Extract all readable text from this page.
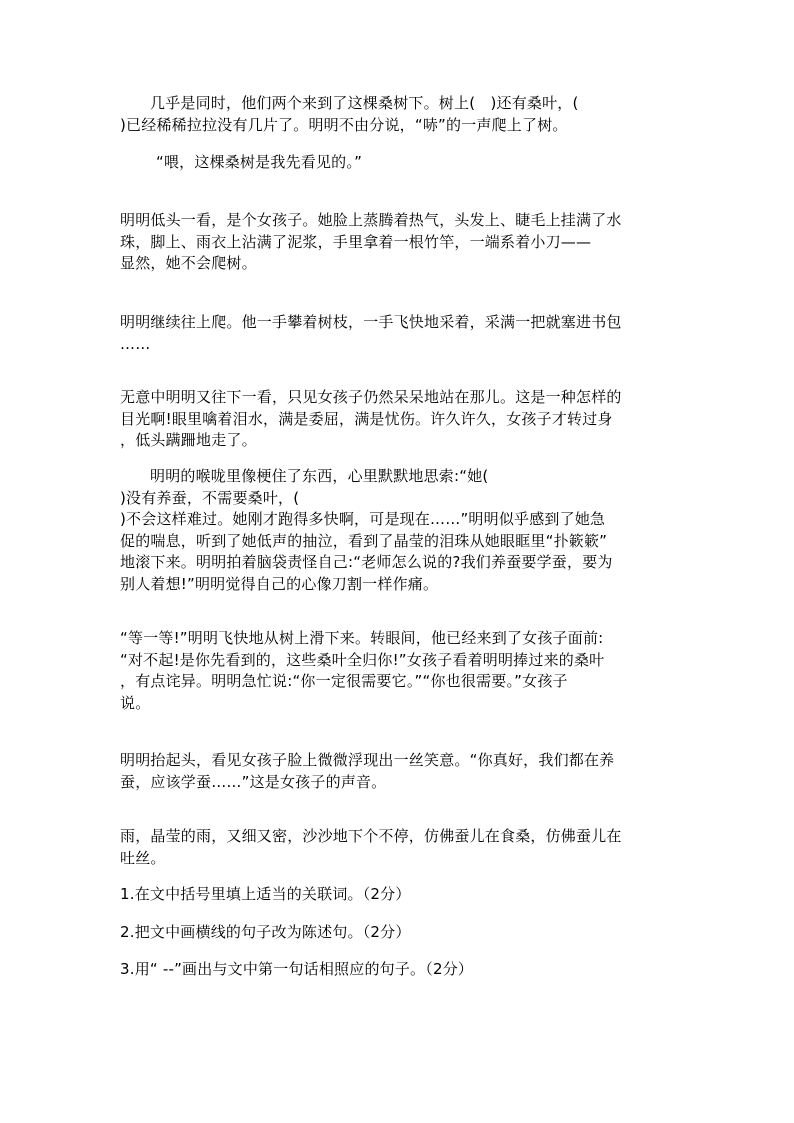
几乎是同时，他们两个来到了这棵桑树下。树上(　)还有桑叶，(
)已经稀稀拉拉没有几片了。明明不由分说，“哧”的一声爬上了树。
“喂，这棵桑树是我先看见的。”
明明低头一看，是个女孩子。她脸上蒸腾着热气，头发上、睫毛上挂满了水
珠，脚上、雨衣上沾满了泥浆，手里拿着一根竹竿，一端系着小刀——
显然，她不会爬树。
明明继续往上爬。他一手攀着树枝，一手飞快地采着，采满一把就塞进书包
……
无意中明明又往下一看，只见女孩子仍然呆呆地站在那儿。这是一种怎样的
目光啊!眼里噙着泪水，满是委屈，满是忧伤。许久许久，女孩子才转过身
，低头蹒跚地走了。
明明的喉咙里像梗住了东西，心里默默地思索:“她(
)没有养蚕，不需要桑叶，(
)不会这样难过。她刚才跑得多快啊，可是现在……”明明似乎感到了她急
促的喘息，听到了她低声的抽泣，看到了晶莹的泪珠从她眼眶里“扑簌簌”
地滚下来。明明拍着脑袋责怪自己:“老师怎么说的?我们养蚕要学蚕，要为
别人着想!”明明觉得自己的心像刀割一样作痛。
“等一等!”明明飞快地从树上滑下来。转眼间，他已经来到了女孩子面前:
“对不起!是你先看到的，这些桑叶全归你!”女孩子看着明明捧过来的桑叶
，有点诧异。明明急忙说:“你一定很需要它。”“你也很需要。”女孩子
说。
明明抬起头，看见女孩子脸上微微浮现出一丝笑意。“你真好，我们都在养
蚕，应该学蚕……”这是女孩子的声音。
雨，晶莹的雨，又细又密，沙沙地下个不停，仿佛蚕儿在食桑，仿佛蚕儿在
吐丝。
1.在文中括号里填上适当的关联词。（2分）
2.把文中画横线的句子改为陈述句。（2分）
3.用“ --”画出与文中第一句话相照应的句子。（2分）
